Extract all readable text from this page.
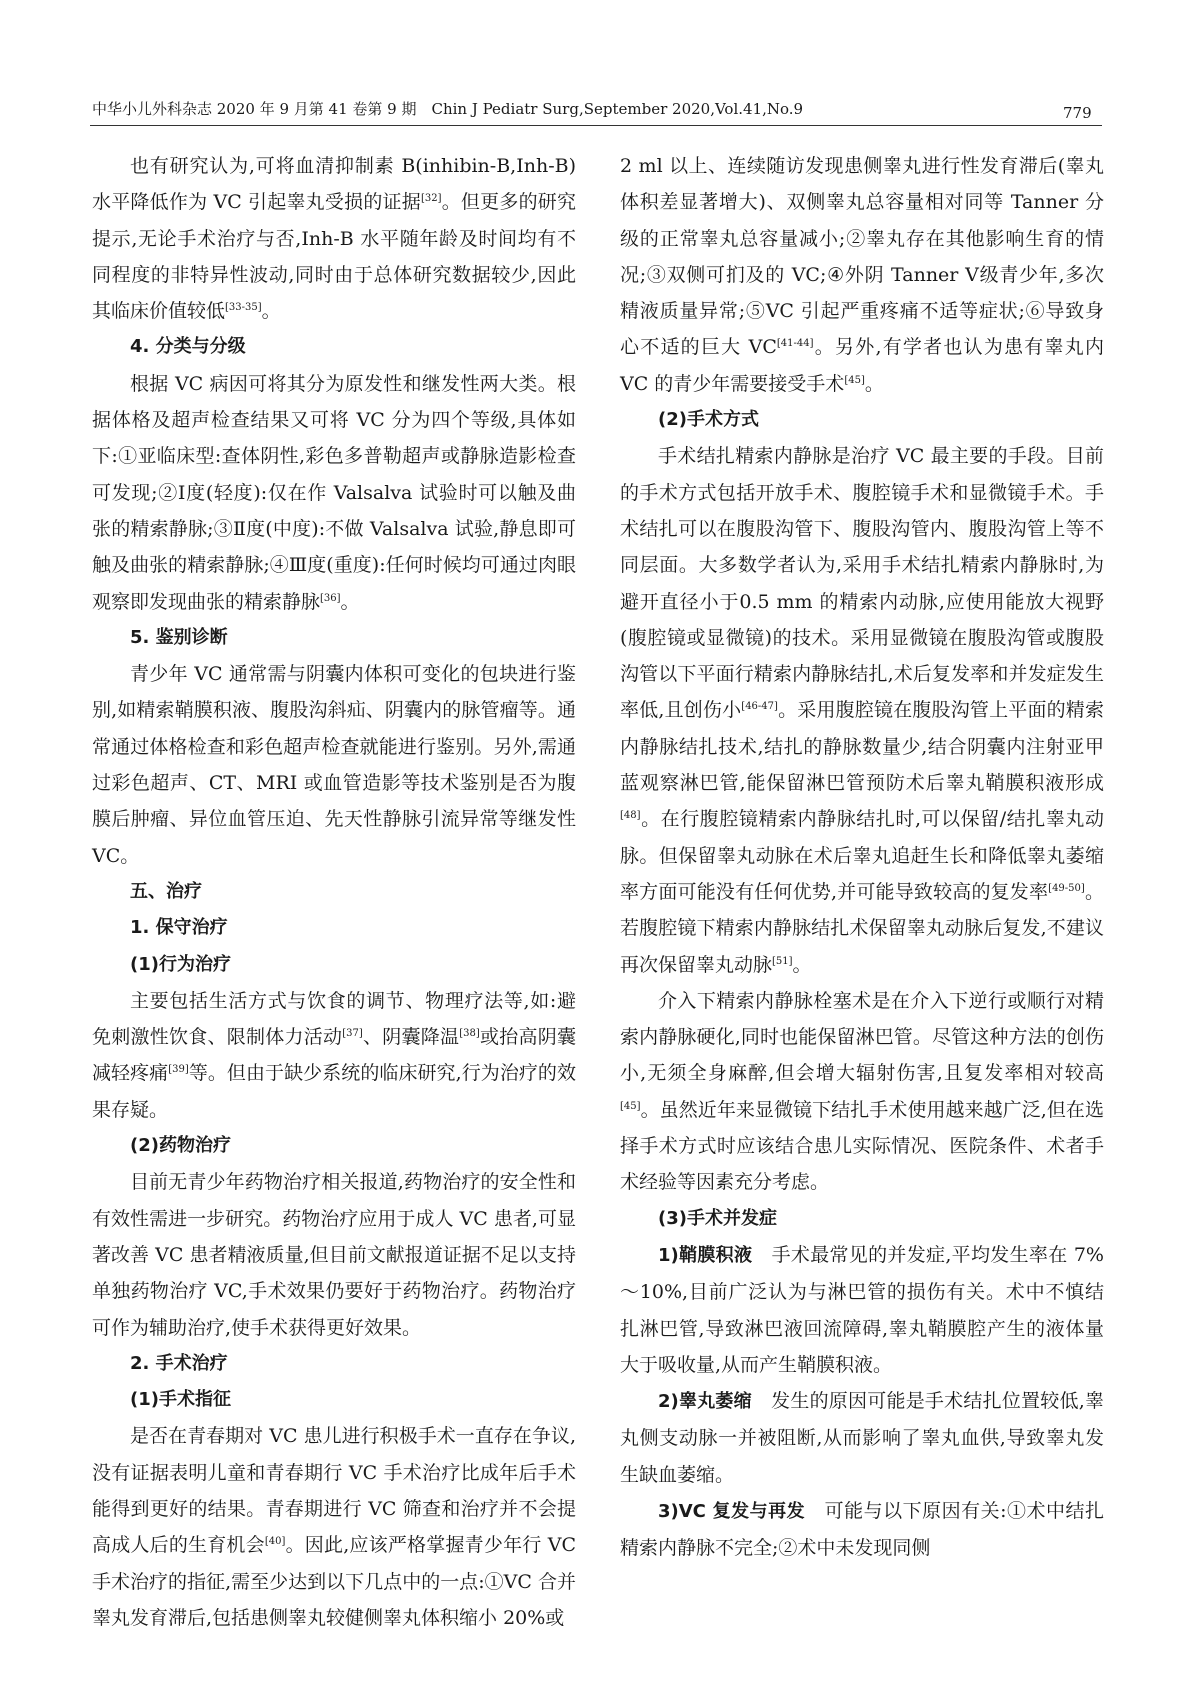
中华小儿外科杂志 2020 年 9 月第 41 卷第 9 期　Chin J Pediatr Surg,September 2020,Vol.41,No.9	779

也有研究认为,可将血清抑制素 B(inhibin-B,Inh-B)水平降低作为 VC 引起睾丸受损的证据[32]。但更多的研究提示,无论手术治疗与否,Inh-B 水平随年龄及时间均有不同程度的非特异性波动,同时由于总体研究数据较少,因此其临床价值较低[33-35]。

4. 分类与分级

根据 VC 病因可将其分为原发性和继发性两大类。根据体格及超声检查结果又可将 VC 分为四个等级,具体如下:①亚临床型:查体阴性,彩色多普勒超声或静脉造影检查可发现;②Ⅰ度(轻度):仅在作 Valsalva 试验时可以触及曲张的精索静脉;③Ⅱ度(中度):不做 Valsalva 试验,静息即可触及曲张的精索静脉;④Ⅲ度(重度):任何时候均可通过肉眼观察即发现曲张的精索静脉[36]。

5. 鉴别诊断

青少年 VC 通常需与阴囊内体积可变化的包块进行鉴别,如精索鞘膜积液、腹股沟斜疝、阴囊内的脉管瘤等。通常通过体格检查和彩色超声检查就能进行鉴别。另外,需通过彩色超声、CT、MRI 或血管造影等技术鉴别是否为腹膜后肿瘤、异位血管压迫、先天性静脉引流异常等继发性 VC。

五、治疗

1. 保守治疗

(1)行为治疗

主要包括生活方式与饮食的调节、物理疗法等,如:避免刺激性饮食、限制体力活动[37]、阴囊降温[38]或抬高阴囊减轻疼痛[39]等。但由于缺少系统的临床研究,行为治疗的效果存疑。

(2)药物治疗

目前无青少年药物治疗相关报道,药物治疗的安全性和有效性需进一步研究。药物治疗应用于成人 VC 患者,可显著改善 VC 患者精液质量,但目前文献报道证据不足以支持单独药物治疗 VC,手术效果仍要好于药物治疗。药物治疗可作为辅助治疗,使手术获得更好效果。

2. 手术治疗

(1)手术指征

是否在青春期对 VC 患儿进行积极手术一直存在争议,没有证据表明儿童和青春期行 VC 手术治疗比成年后手术能得到更好的结果。青春期进行 VC 筛查和治疗并不会提高成人后的生育机会[40]。因此,应该严格掌握青少年行 VC 手术治疗的指征,需至少达到以下几点中的一点:①VC 合并睾丸发育滞后,包括患侧睾丸较健侧睾丸体积缩小 20%或

2 ml 以上、连续随访发现患侧睾丸进行性发育滞后(睾丸体积差显著增大)、双侧睾丸总容量相对同等 Tanner 分级的正常睾丸总容量减小;②睾丸存在其他影响生育的情况;③双侧可扪及的 VC;④外阴 Tanner Ⅴ级青少年,多次精液质量异常;⑤VC 引起严重疼痛不适等症状;⑥导致身心不适的巨大 VC[41-44]。另外,有学者也认为患有睾丸内 VC 的青少年需要接受手术[45]。

(2)手术方式

手术结扎精索内静脉是治疗 VC 最主要的手段。目前的手术方式包括开放手术、腹腔镜手术和显微镜手术。手术结扎可以在腹股沟管下、腹股沟管内、腹股沟管上等不同层面。大多数学者认为,采用手术结扎精索内静脉时,为避开直径小于0.5 mm 的精索内动脉,应使用能放大视野(腹腔镜或显微镜)的技术。采用显微镜在腹股沟管或腹股沟管以下平面行精索内静脉结扎,术后复发率和并发症发生率低,且创伤小[46-47]。采用腹腔镜在腹股沟管上平面的精索内静脉结扎技术,结扎的静脉数量少,结合阴囊内注射亚甲蓝观察淋巴管,能保留淋巴管预防术后睾丸鞘膜积液形成[48]。在行腹腔镜精索内静脉结扎时,可以保留/结扎睾丸动脉。但保留睾丸动脉在术后睾丸追赶生长和降低睾丸萎缩率方面可能没有任何优势,并可能导致较高的复发率[49-50]。若腹腔镜下精索内静脉结扎术保留睾丸动脉后复发,不建议再次保留睾丸动脉[51]。

介入下精索内静脉栓塞术是在介入下逆行或顺行对精索内静脉硬化,同时也能保留淋巴管。尽管这种方法的创伤小,无须全身麻醉,但会增大辐射伤害,且复发率相对较高[45]。虽然近年来显微镜下结扎手术使用越来越广泛,但在选择手术方式时应该结合患儿实际情况、医院条件、术者手术经验等因素充分考虑。

(3)手术并发症

1)鞘膜积液　手术最常见的并发症,平均发生率在 7%～10%,目前广泛认为与淋巴管的损伤有关。术中不慎结扎淋巴管,导致淋巴液回流障碍,睾丸鞘膜腔产生的液体量大于吸收量,从而产生鞘膜积液。

2)睾丸萎缩　发生的原因可能是手术结扎位置较低,睾丸侧支动脉一并被阻断,从而影响了睾丸血供,导致睾丸发生缺血萎缩。

3)VC 复发与再发　可能与以下原因有关:①术中结扎精索内静脉不完全;②术中未发现同侧
